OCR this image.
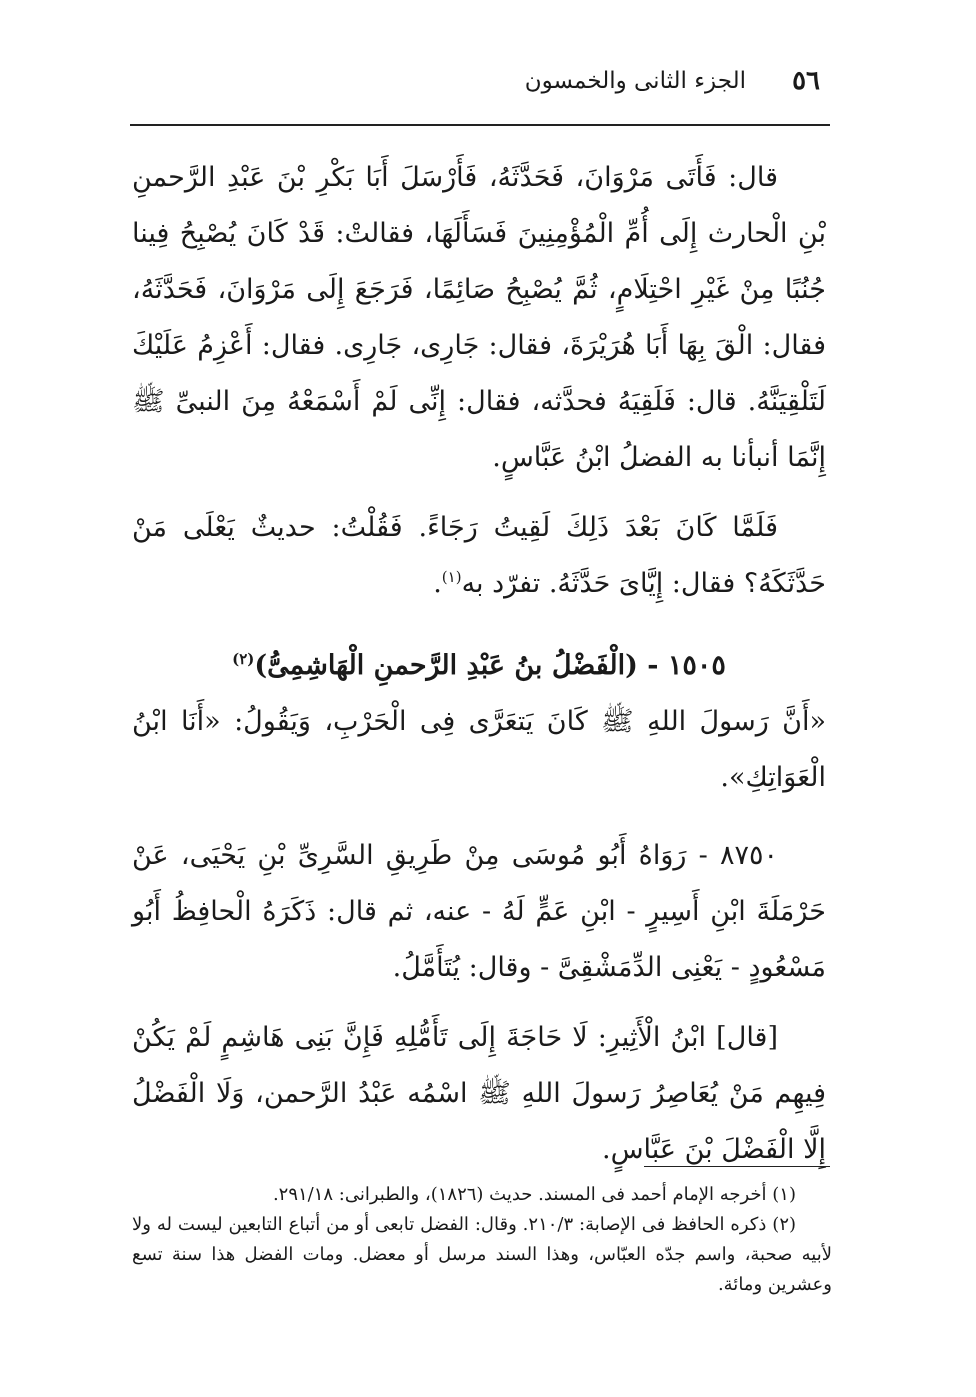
٥٦
الجزء الثانى والخمسون

قال: فَأَتَى مَرْوَانَ، فَحَدَّثَهُ، فَأَرْسَلَ أَبَا بَكْرِ بْنَ عَبْدِ الرَّحمنِ بْنِ الْحارث إِلَى أُمِّ الْمُؤْمِنِينَ فَسَأَلَهَا، فقالتْ: قَدْ كَانَ يُصْبِحُ فِينا جُنُبًا مِنْ غَيْرِ احْتِلَامٍ، ثُمَّ يُصْبِحُ صَائِمًا، فَرَجَعَ إِلَى مَرْوَانَ، فَحَدَّثَهُ، فقال: الْقَ بِهَا أَبَا هُرَيْرَةَ، فقال: جَارِى، جَارِى. فقال: أَعْزِمُ عَلَيْكَ لَتَلْقِيَنَّهُ. قال: فَلَقِيَهُ فحدَّثه، فقال: إِنِّى لَمْ أَسْمَعْهُ مِنَ النبىِّ ﷺ إِنَّمَا أنبأنا به الفضلُ ابْنُ عَبَّاسٍ.

فَلَمَّا كَانَ بَعْدَ ذَلِكَ لَقِيتُ رَجَاءً. فَقُلْتُ: حديثٌ يَعْلَى مَنْ حَدَّثَكَهُ؟ فقال: إِيَّاىَ حَدَّثَهُ. تفرّد به$^{(١)}$.

١٥٠٥ - (الْفَضْلُ بنُ عَبْدِ الرَّحمنِ الْهَاشِمِىُّ)$^{(٢)}$

«أَنَّ رَسولَ اللهِ ﷺ كَانَ يَتعَرَّى فِى الْحَرْبِ، وَيَقُولُ: «أَنَا ابْنُ الْعَوَاتِكِ».

٨٧٥٠ - رَوَاهُ أَبُو مُوسَى مِنْ طَرِيقِ السَّرِىِّ بْنِ يَحْيَى، عَنْ حَرْمَلَةَ ابْنِ أَسِيرٍ - ابْنِ عَمٍّ لَهُ - عنه، ثم قال: ذَكَرَهُ الْحافِظُ أَبُو مَسْعُودٍ - يَعْنِى الدِّمَشْقِىَّ - وقال: يُتَأَمَّلُ.

[قال] ابْنُ الْأَثِيرِ: لَا حَاجَةَ إِلَى تَأَمُّلِهِ فَإِنَّ بَنِى هَاشِمٍ لَمْ يَكُنْ فِيهِم مَنْ يُعَاصِرُ رَسولَ اللهِ ﷺ اسْمُه عَبْدُ الرَّحمن، وَلَا الْفَضْلُ إِلَّا الْفَضْلَ بْنَ عَبَّاسٍ.

(١) أخرجه الإمام أحمد فى المسند. حديث (١٨٢٦)، والطبرانى: ٢٩١/١٨.

(٢) ذكره الحافظ فى الإصابة: ٢١٠/٣. وقال: الفضل تابعى أو من أتباع التابعين ليست له ولا لأبيه صحبة، واسم جدّه العبّاس، وهذا السند مرسل أو معضل. ومات الفضل هذا سنة تسع وعشرين ومائة.
